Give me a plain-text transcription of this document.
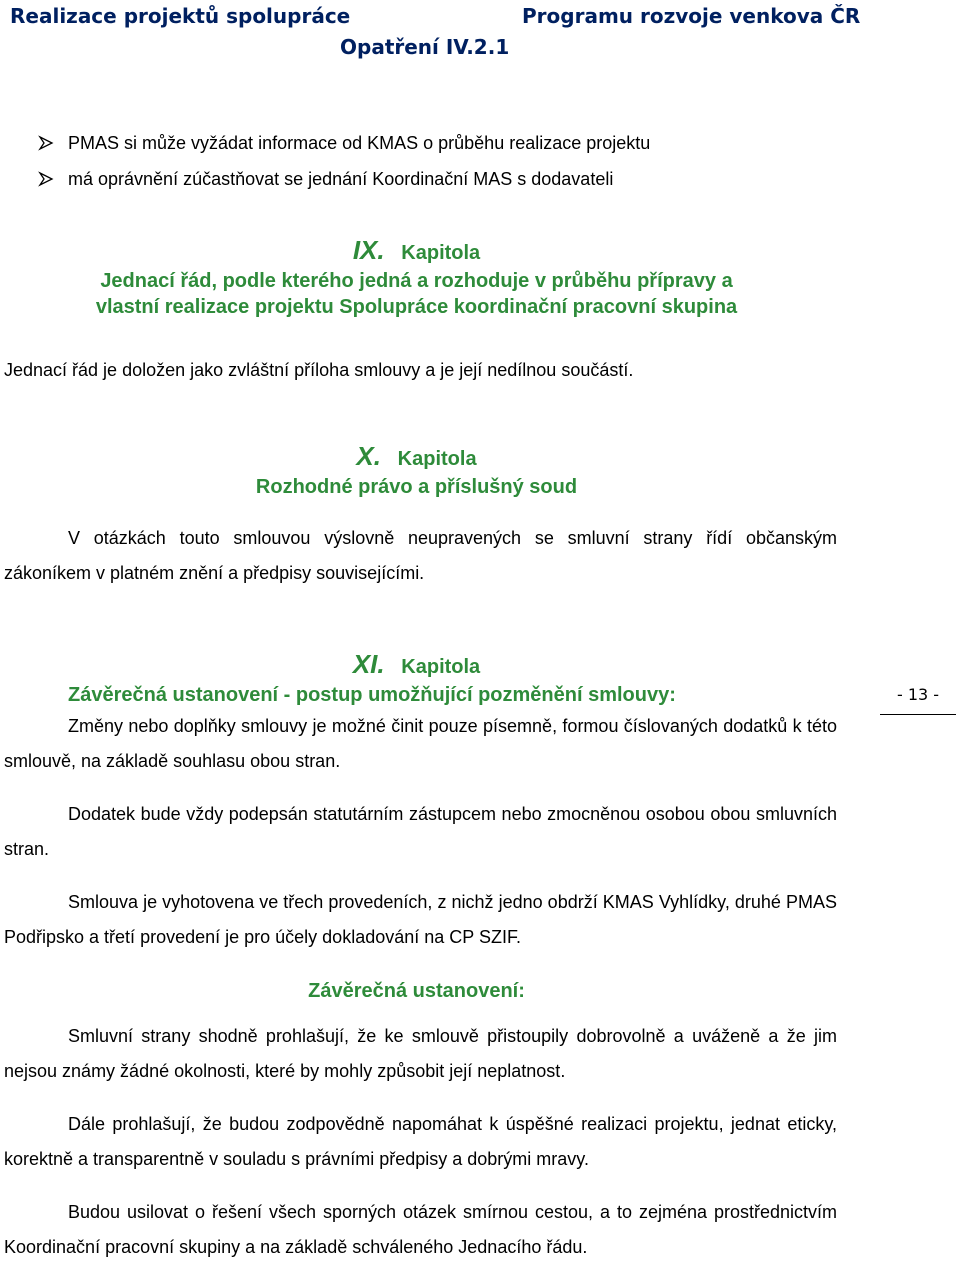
Realizace projektů spolupráce	Programu rozvoje venkova ČR
Opatření IV.2.1
PMAS si může vyžádat informace od KMAS o průběhu realizace projektu
má oprávnění zúčastňovat se jednání Koordinační MAS s dodavateli
IX. Kapitola

Jednací řád, podle kterého jedná a rozhoduje v průběhu přípravy a

vlastní realizace projektu Spolupráce koordinační pracovní skupina

Jednací řád je doložen jako zvláštní příloha smlouvy a je její nedílnou součástí.

X. Kapitola

Rozhodné právo a příslušný soud

V otázkách touto smlouvou výslovně neupravených se smluvní strany řídí občanským zákoníkem v platném znění a předpisy souvisejícími.

XI. Kapitola

Závěrečná ustanovení - postup umožňující pozměnění smlouvy:

Změny nebo doplňky smlouvy je možné činit pouze písemně, formou číslovaných dodatků k této smlouvě, na základě souhlasu obou stran.

Dodatek bude vždy podepsán statutárním zástupcem nebo zmocněnou osobou obou smluvních stran.

Smlouva je vyhotovena ve třech provedeních, z nichž jedno obdrží KMAS Vyhlídky, druhé PMAS Podřipsko a třetí provedení je pro účely dokladování na CP SZIF.

Závěrečná ustanovení:

Smluvní strany shodně prohlašují, že ke smlouvě přistoupily dobrovolně a uváženě a že jim nejsou známy žádné okolnosti, které by mohly způsobit její neplatnost.

Dále prohlašují, že budou zodpovědně napomáhat k úspěšné realizaci projektu, jednat eticky, korektně a transparentně v souladu s právními předpisy a dobrými mravy.

Budou usilovat o řešení všech sporných otázek smírnou cestou, a to zejména prostřednictvím Koordinační pracovní skupiny a na základě schváleného Jednacího řádu.

- 13 -
